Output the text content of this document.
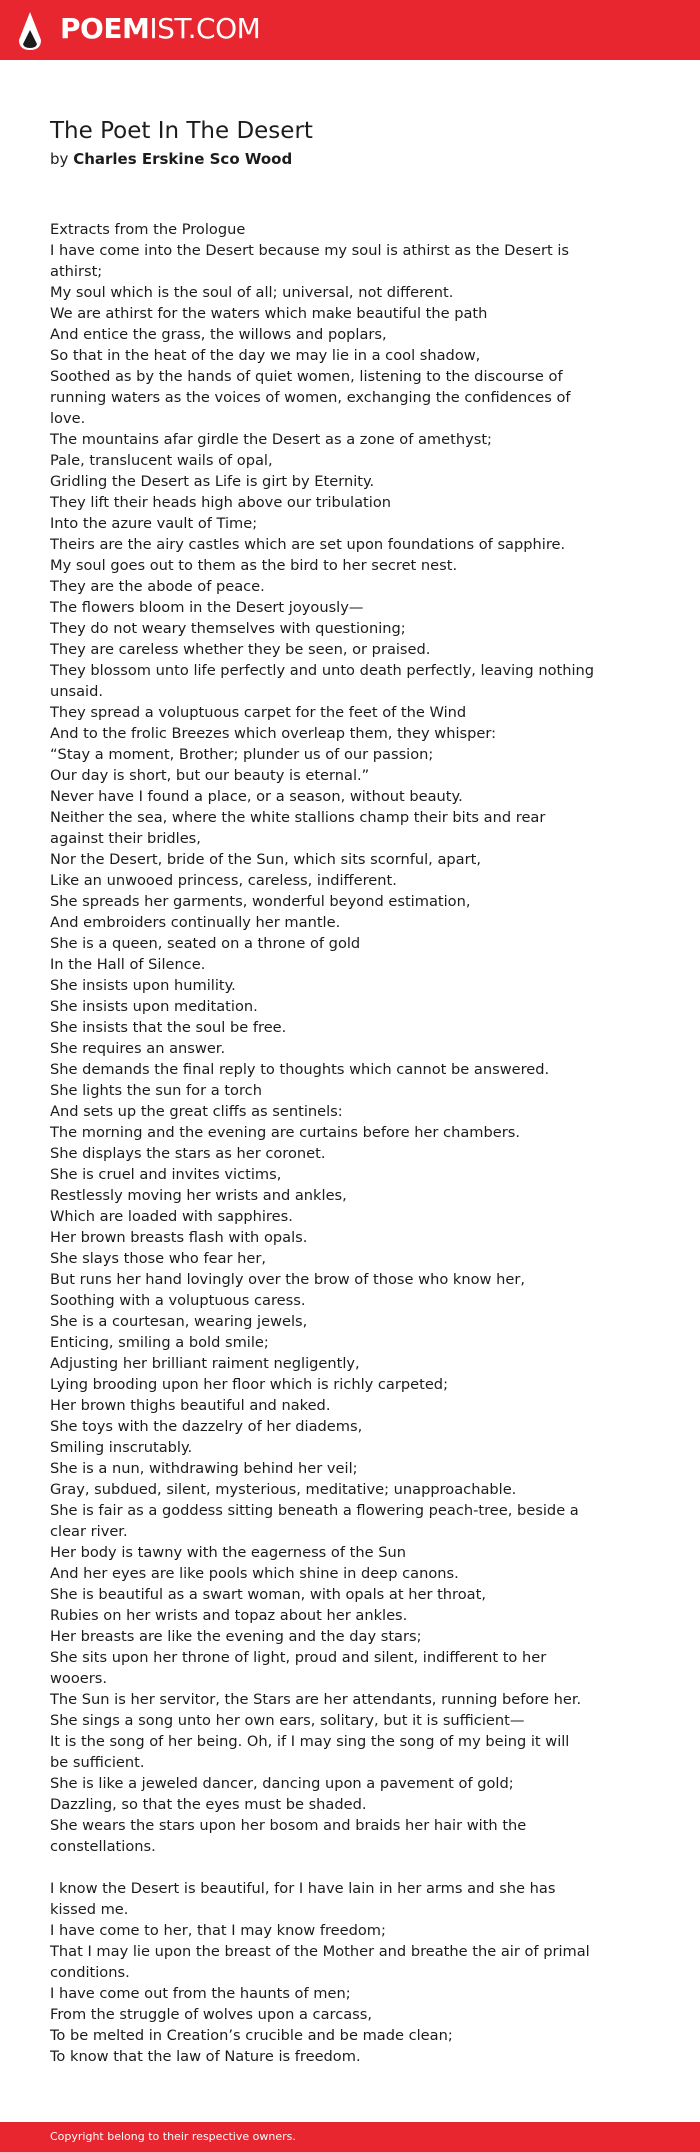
POEMIST.COM
The Poet In The Desert
by Charles Erskine Sco Wood
Extracts from the Prologue
I have come into the Desert because my soul is athirst as the Desert is
athirst;
My soul which is the soul of all; universal, not different.
We are athirst for the waters which make beautiful the path
And entice the grass, the willows and poplars,
So that in the heat of the day we may lie in a cool shadow,
Soothed as by the hands of quiet women, listening to the discourse of
running waters as the voices of women, exchanging the confidences of love.
The mountains afar girdle the Desert as a zone of amethyst;
Pale, translucent wails of opal,
Gridling the Desert as Life is girt by Eternity.
They lift their heads high above our tribulation
Into the azure vault of Time;
Theirs are the airy castles which are set upon foundations of sapphire.
My soul goes out to them as the bird to her secret nest.
They are the abode of peace.
The flowers bloom in the Desert joyously—
They do not weary themselves with questioning;
They are careless whether they be seen, or praised.
They blossom unto life perfectly and unto death perfectly, leaving nothing
unsaid.
They spread a voluptuous carpet for the feet of the Wind
And to the frolic Breezes which overleap them, they whisper:
“Stay a moment, Brother; plunder us of our passion;
Our day is short, but our beauty is eternal.”
Never have I found a place, or a season, without beauty.
Neither the sea, where the white stallions champ their bits and rear
against their bridles,
Nor the Desert, bride of the Sun, which sits scornful, apart,
Like an unwooed princess, careless, indifferent.
She spreads her garments, wonderful beyond estimation,
And embroiders continually her mantle.
She is a queen, seated on a throne of gold
In the Hall of Silence.
She insists upon humility.
She insists upon meditation.
She insists that the soul be free.
She requires an answer.
She demands the final reply to thoughts which cannot be answered.
She lights the sun for a torch
And sets up the great cliffs as sentinels:
The morning and the evening are curtains before her chambers.
She displays the stars as her coronet.
She is cruel and invites victims,
Restlessly moving her wrists and ankles,
Which are loaded with sapphires.
Her brown breasts flash with opals.
She slays those who fear her,
But runs her hand lovingly over the brow of those who know her,
Soothing with a voluptuous caress.
She is a courtesan, wearing jewels,
Enticing, smiling a bold smile;
Adjusting her brilliant raiment negligently,
Lying brooding upon her floor which is richly carpeted;
Her brown thighs beautiful and naked.
She toys with the dazzelry of her diadems,
Smiling inscrutably.
She is a nun, withdrawing behind her veil;
Gray, subdued, silent, mysterious, meditative; unapproachable.
She is fair as a goddess sitting beneath a flowering peach-tree, beside a
clear river.
Her body is tawny with the eagerness of the Sun
And her eyes are like pools which shine in deep canons.
She is beautiful as a swart woman, with opals at her throat,
Rubies on her wrists and topaz about her ankles.
Her breasts are like the evening and the day stars;
She sits upon her throne of light, proud and silent, indifferent to her
wooers.
The Sun is her servitor, the Stars are her attendants, running before her.
She sings a song unto her own ears, solitary, but it is sufficient—
It is the song of her being. Oh, if I may sing the song of my being it will
be sufficient.
She is like a jeweled dancer, dancing upon a pavement of gold;
Dazzling, so that the eyes must be shaded.
She wears the stars upon her bosom and braids her hair with the
constellations.
I know the Desert is beautiful, for I have lain in her arms and she has
kissed me.
I have come to her, that I may know freedom;
That I may lie upon the breast of the Mother and breathe the air of primal
conditions.
I have come out from the haunts of men;
From the struggle of wolves upon a carcass,
To be melted in Creation’s crucible and be made clean;
To know that the law of Nature is freedom.
Copyright belong to their respective owners.
